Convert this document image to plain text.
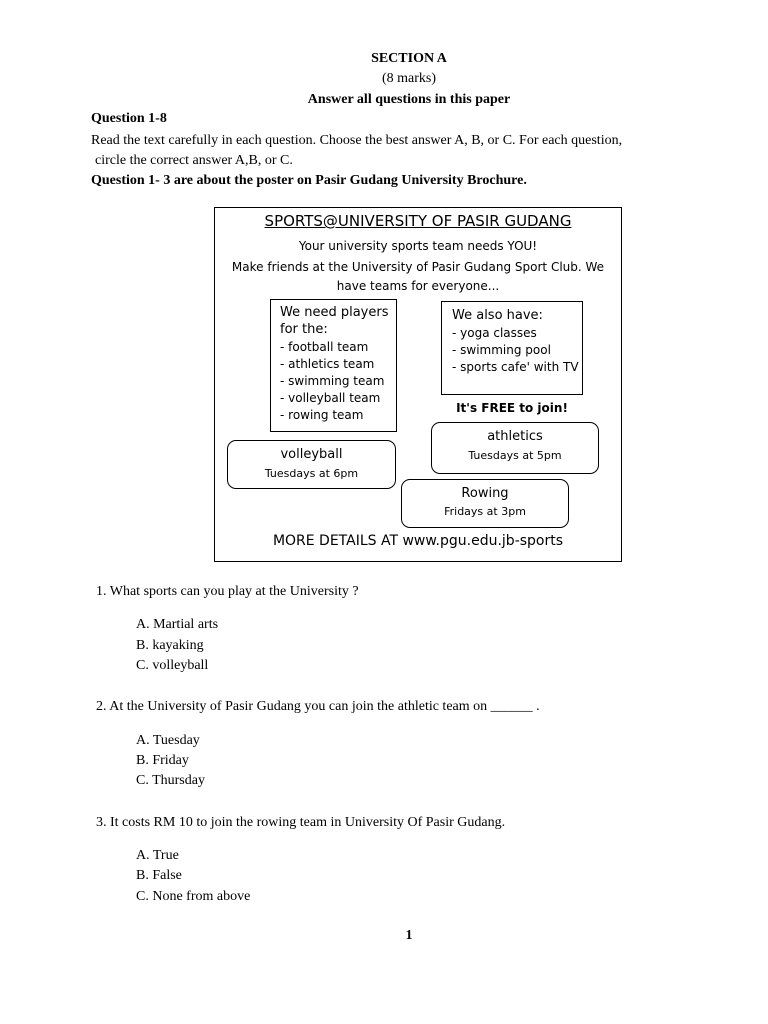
SECTION A
(8 marks)
Answer all questions in this paper
Question 1-8
Read the text carefully in each question. Choose the best answer A, B, or C. For each question,
circle the correct answer A,B, or C.
Question 1- 3 are about the poster on Pasir Gudang University Brochure.
SPORTS@UNIVERSITY OF PASIR GUDANG
Your university sports team needs YOU!
Make friends at the University of Pasir Gudang Sport Club. We
have teams for everyone...
We need players
for the:
- football team
- athletics team
- swimming team
- volleyball team
- rowing team
We also have:
- yoga classes
- swimming pool
- sports cafe' with TV
It's FREE to join!
volleyball
Tuesdays at 6pm
athletics
Tuesdays at 5pm
Rowing
Fridays at 3pm
MORE DETAILS AT www.pgu.edu.jb-sports
1. What sports can you play at the University ?
A. Martial arts
B. kayaking
C. volleyball
2. At the University of Pasir Gudang you can join the athletic team on ______ .
A. Tuesday
B. Friday
C. Thursday
3. It costs RM 10 to join the rowing team in University Of Pasir Gudang.
A. True
B. False
C. None from above
1
